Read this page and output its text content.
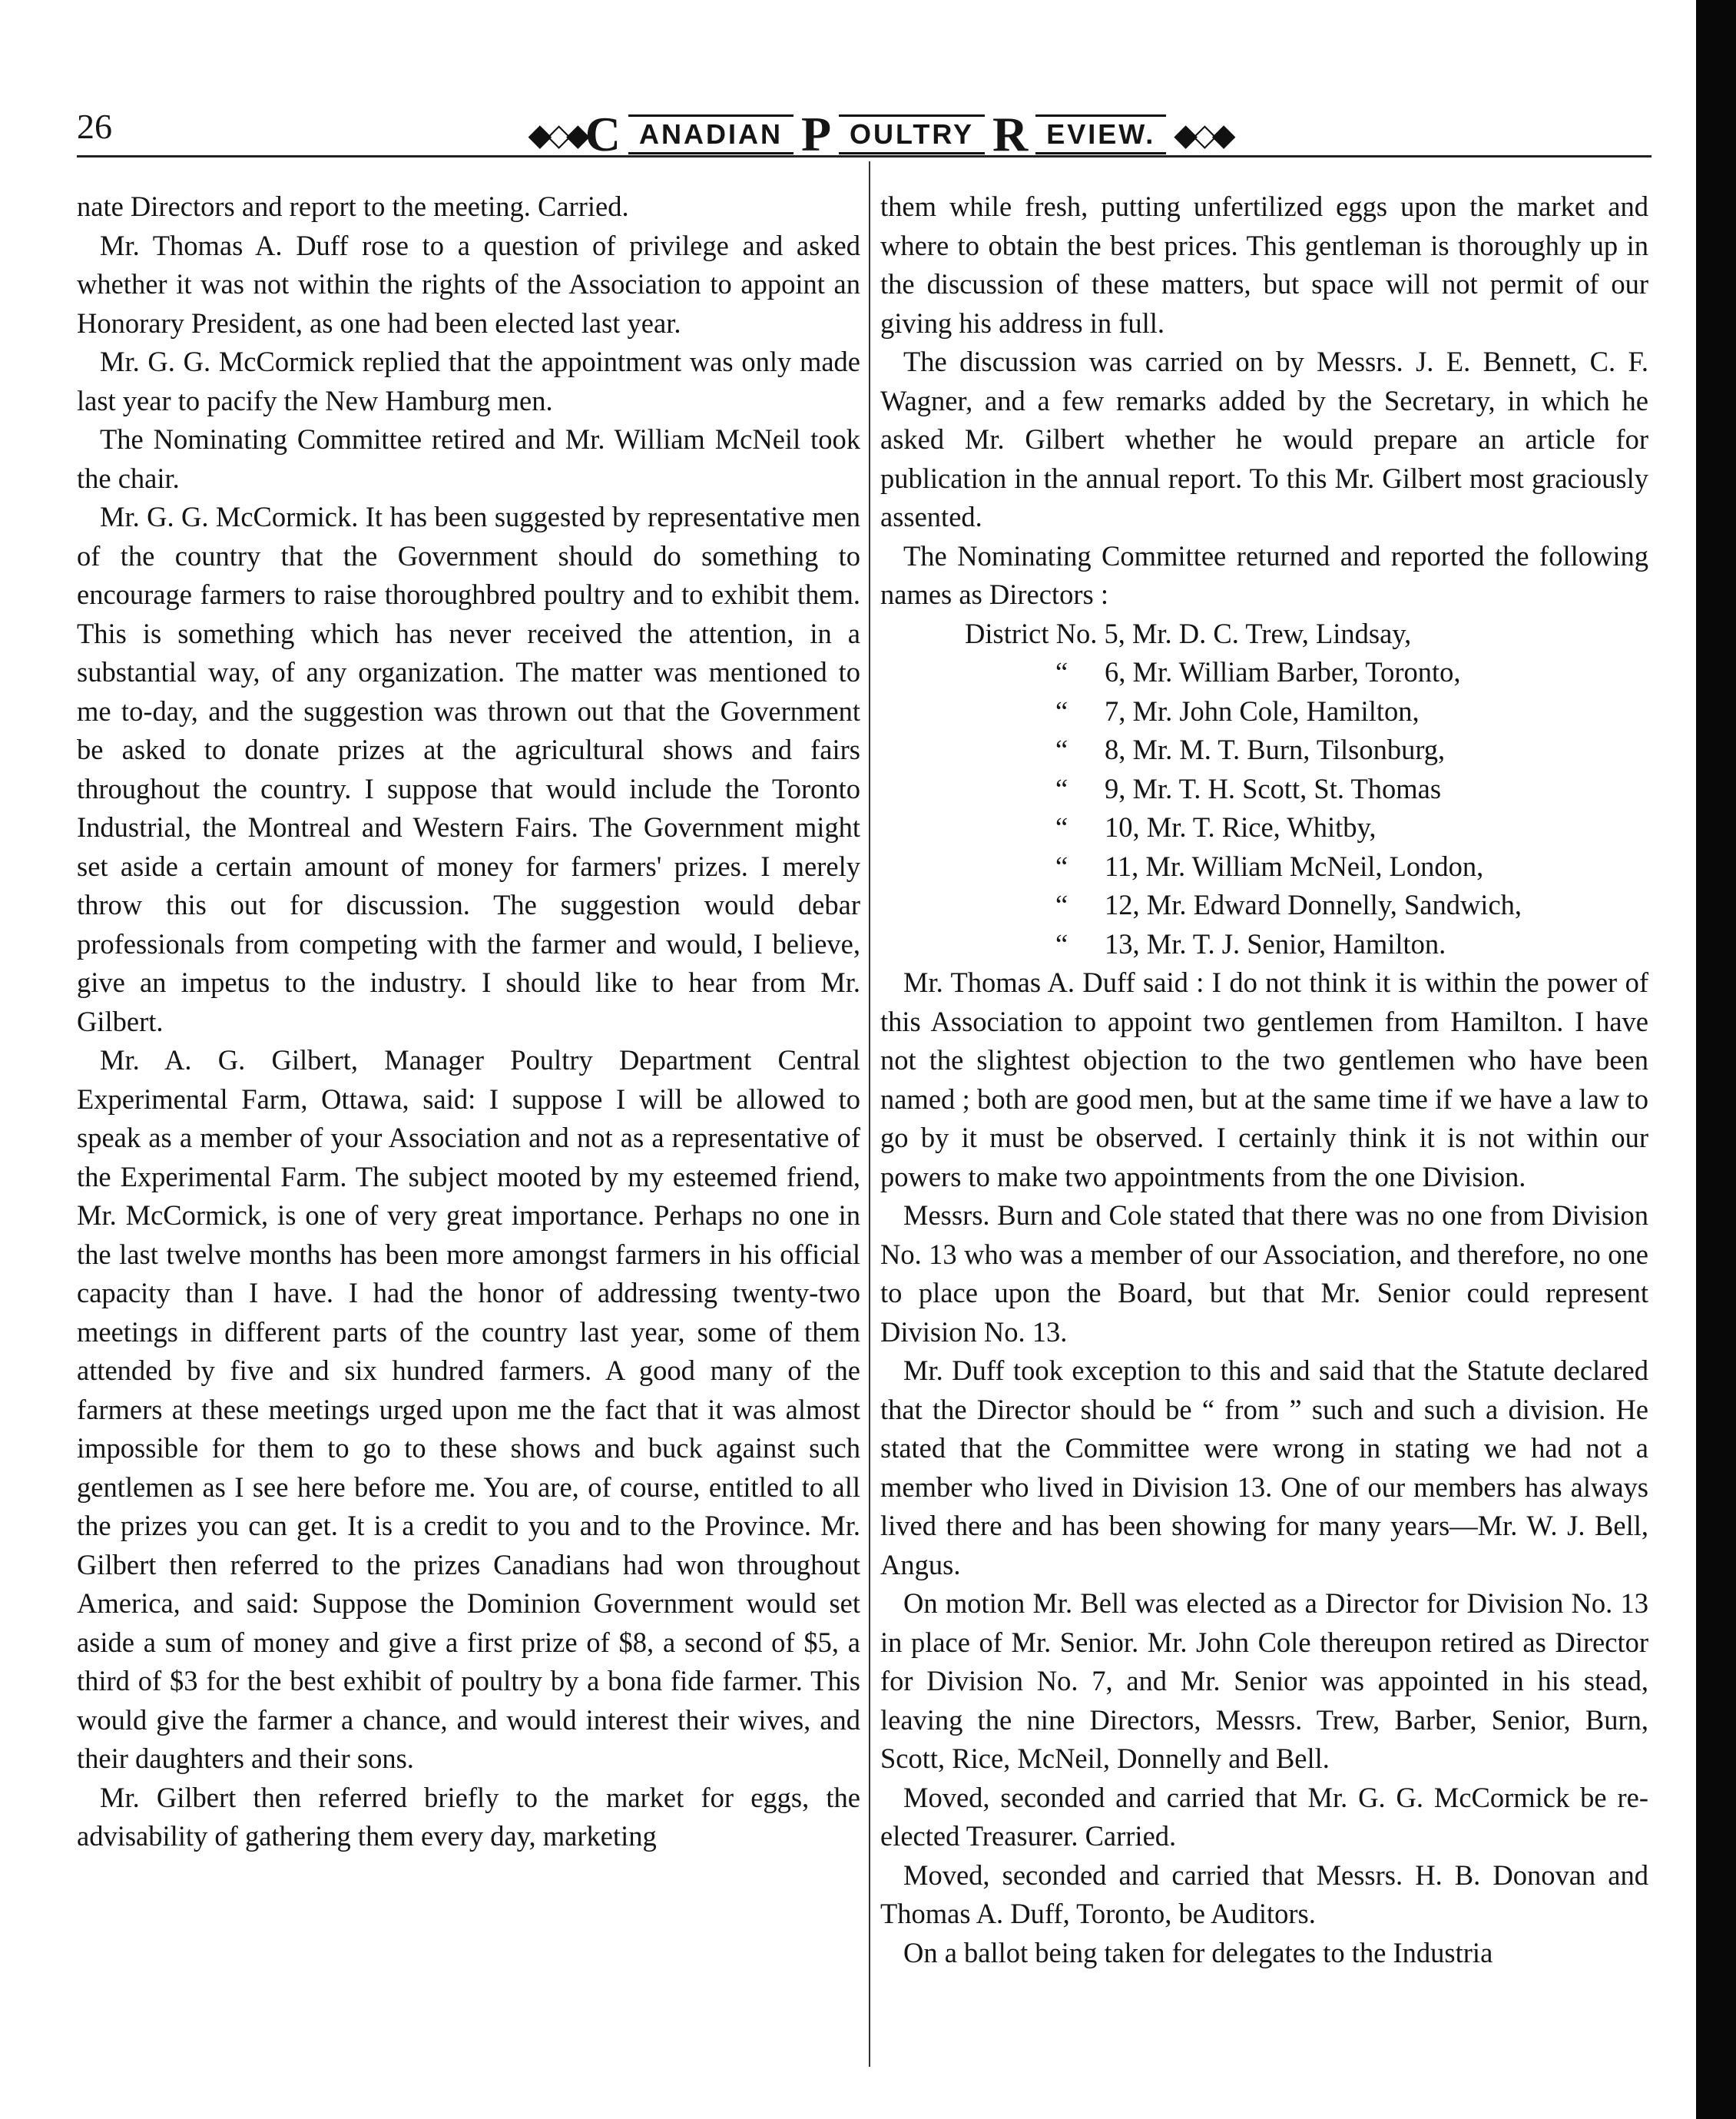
26	◆◇◆ C ANADIAN P OULTRY R EVIEW. ◆◇◆

nate Directors and report to the meeting. Carried.

Mr. Thomas A. Duff rose to a question of privilege and asked whether it was not within the rights of the Association to appoint an Honorary President, as one had been elected last year.

Mr. G. G. McCormick replied that the appointment was only made last year to pacify the New Hamburg men.

The Nominating Committee retired and Mr. William McNeil took the chair.

Mr. G. G. McCormick. It has been suggested by representative men of the country that the Government should do something to encourage farmers to raise thoroughbred poultry and to exhibit them. This is something which has never received the attention, in a substantial way, of any organization. The matter was mentioned to me to-day, and the suggestion was thrown out that the Government be asked to donate prizes at the agricultural shows and fairs throughout the country. I suppose that would include the Toronto Industrial, the Montreal and Western Fairs. The Government might set aside a certain amount of money for farmers' prizes. I merely throw this out for discussion. The suggestion would debar professionals from competing with the farmer and would, I believe, give an impetus to the industry. I should like to hear from Mr. Gilbert.

Mr. A. G. Gilbert, Manager Poultry Department Central Experimental Farm, Ottawa, said: I suppose I will be allowed to speak as a member of your Association and not as a representative of the Experimental Farm. The subject mooted by my esteemed friend, Mr. McCormick, is one of very great importance. Perhaps no one in the last twelve months has been more amongst farmers in his official capacity than I have. I had the honor of addressing twenty-two meetings in different parts of the country last year, some of them attended by five and six hundred farmers. A good many of the farmers at these meetings urged upon me the fact that it was almost impossible for them to go to these shows and buck against such gentlemen as I see here before me. You are, of course, entitled to all the prizes you can get. It is a credit to you and to the Province. Mr. Gilbert then referred to the prizes Canadians had won throughout America, and said: Suppose the Dominion Government would set aside a sum of money and give a first prize of $8, a second of $5, a third of $3 for the best exhibit of poultry by a bona fide farmer. This would give the farmer a chance, and would interest their wives, and their daughters and their sons.

Mr. Gilbert then referred briefly to the market for eggs, the advisability of gathering them every day, marketing

them while fresh, putting unfertilized eggs upon the market and where to obtain the best prices. This gentleman is thoroughly up in the discussion of these matters, but space will not permit of our giving his address in full.

The discussion was carried on by Messrs. J. E. Bennett, C. F. Wagner, and a few remarks added by the Secretary, in which he asked Mr. Gilbert whether he would prepare an article for publication in the annual report. To this Mr. Gilbert most graciously assented.

The Nominating Committee returned and reported the following names as Directors :

District No. 5, Mr. D. C. Trew, Lindsay,
“ 6, Mr. William Barber, Toronto,
“ 7, Mr. John Cole, Hamilton,
“ 8, Mr. M. T. Burn, Tilsonburg,
“ 9, Mr. T. H. Scott, St. Thomas
“ 10, Mr. T. Rice, Whitby,
“ 11, Mr. William McNeil, London,
“ 12, Mr. Edward Donnelly, Sandwich,
“ 13, Mr. T. J. Senior, Hamilton.

Mr. Thomas A. Duff said : I do not think it is within the power of this Association to appoint two gentlemen from Hamilton. I have not the slightest objection to the two gentlemen who have been named ; both are good men, but at the same time if we have a law to go by it must be observed. I certainly think it is not within our powers to make two appointments from the one Division.

Messrs. Burn and Cole stated that there was no one from Division No. 13 who was a member of our Association, and therefore, no one to place upon the Board, but that Mr. Senior could represent Division No. 13.

Mr. Duff took exception to this and said that the Statute declared that the Director should be “ from ” such and such a division. He stated that the Committee were wrong in stating we had not a member who lived in Division 13. One of our members has always lived there and has been showing for many years—Mr. W. J. Bell, Angus.

On motion Mr. Bell was elected as a Director for Division No. 13 in place of Mr. Senior. Mr. John Cole thereupon retired as Director for Division No. 7, and Mr. Senior was appointed in his stead, leaving the nine Directors, Messrs. Trew, Barber, Senior, Burn, Scott, Rice, McNeil, Donnelly and Bell.

Moved, seconded and carried that Mr. G. G. McCormick be re-elected Treasurer. Carried.

Moved, seconded and carried that Messrs. H. B. Donovan and Thomas A. Duff, Toronto, be Auditors.

On a ballot being taken for delegates to the Industria
